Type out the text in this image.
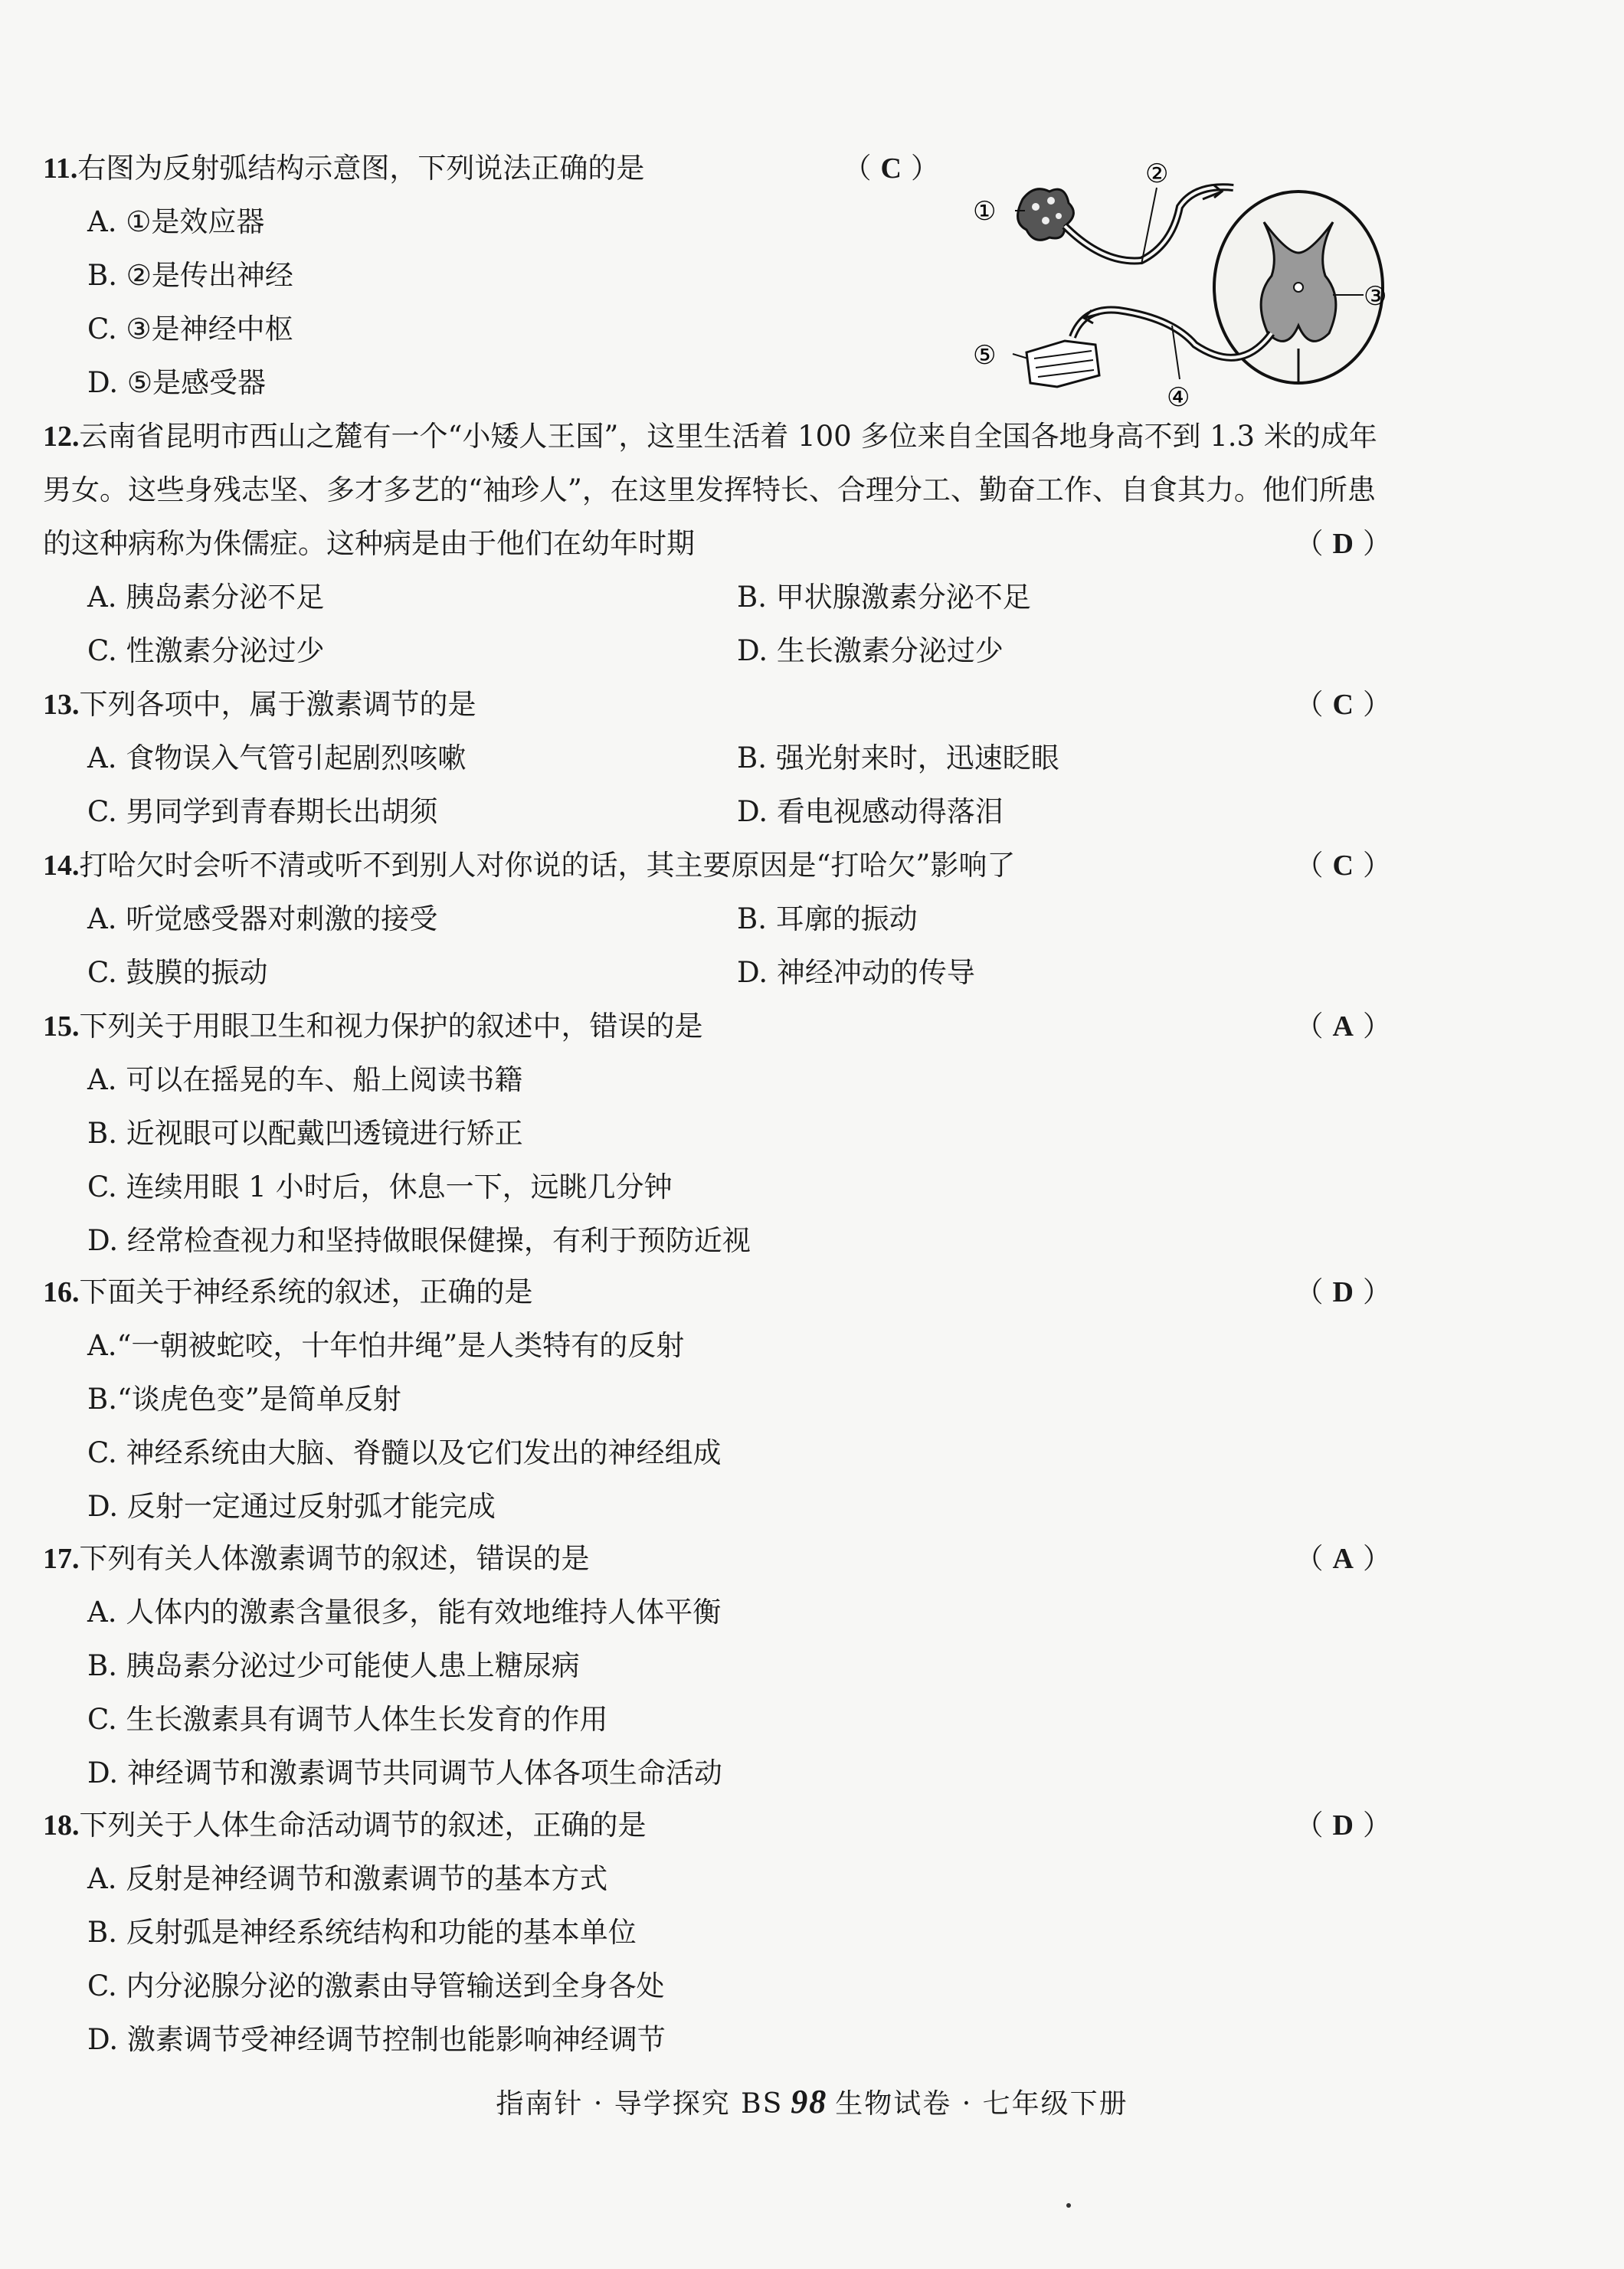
11.右图为反射弧结构示意图，下列说法正确的是	（ C ）
A. ①是效应器
B. ②是传出神经
C. ③是神经中枢
D. ⑤是感受器
①
②
③
④
⑤
12.云南省昆明市西山之麓有一个“小矮人王国”，这里生活着 100 多位来自全国各地身高不到 1.3 米的成年男女。这些身残志坚、多才多艺的“袖珍人”，在这里发挥特长、合理分工、勤奋工作、自食其力。他们所患的这种病称为侏儒症。这种病是由于他们在幼年时期	（ D ）
A. 胰岛素分泌不足	B. 甲状腺激素分泌不足
C. 性激素分泌过少	D. 生长激素分泌过少
13.下列各项中，属于激素调节的是	（ C ）
A. 食物误入气管引起剧烈咳嗽	B. 强光射来时，迅速眨眼
C. 男同学到青春期长出胡须	D. 看电视感动得落泪
14.打哈欠时会听不清或听不到别人对你说的话，其主要原因是“打哈欠”影响了	（ C ）
A. 听觉感受器对刺激的接受	B. 耳廓的振动
C. 鼓膜的振动	D. 神经冲动的传导
15.下列关于用眼卫生和视力保护的叙述中，错误的是	（ A ）
A. 可以在摇晃的车、船上阅读书籍
B. 近视眼可以配戴凹透镜进行矫正
C. 连续用眼 1 小时后，休息一下，远眺几分钟
D. 经常检查视力和坚持做眼保健操，有利于预防近视
16.下面关于神经系统的叙述，正确的是	（ D ）
A.“一朝被蛇咬，十年怕井绳”是人类特有的反射
B.“谈虎色变”是简单反射
C. 神经系统由大脑、脊髓以及它们发出的神经组成
D. 反射一定通过反射弧才能完成
17.下列有关人体激素调节的叙述，错误的是	（ A ）
A. 人体内的激素含量很多，能有效地维持人体平衡
B. 胰岛素分泌过少可能使人患上糖尿病
C. 生长激素具有调节人体生长发育的作用
D. 神经调节和激素调节共同调节人体各项生命活动
18.下列关于人体生命活动调节的叙述，正确的是	（ D ）
A. 反射是神经调节和激素调节的基本方式
B. 反射弧是神经系统结构和功能的基本单位
C. 内分泌腺分泌的激素由导管输送到全身各处
D. 激素调节受神经调节控制也能影响神经调节
指南针 · 导学探究 BS 98 生物试卷 · 七年级下册
